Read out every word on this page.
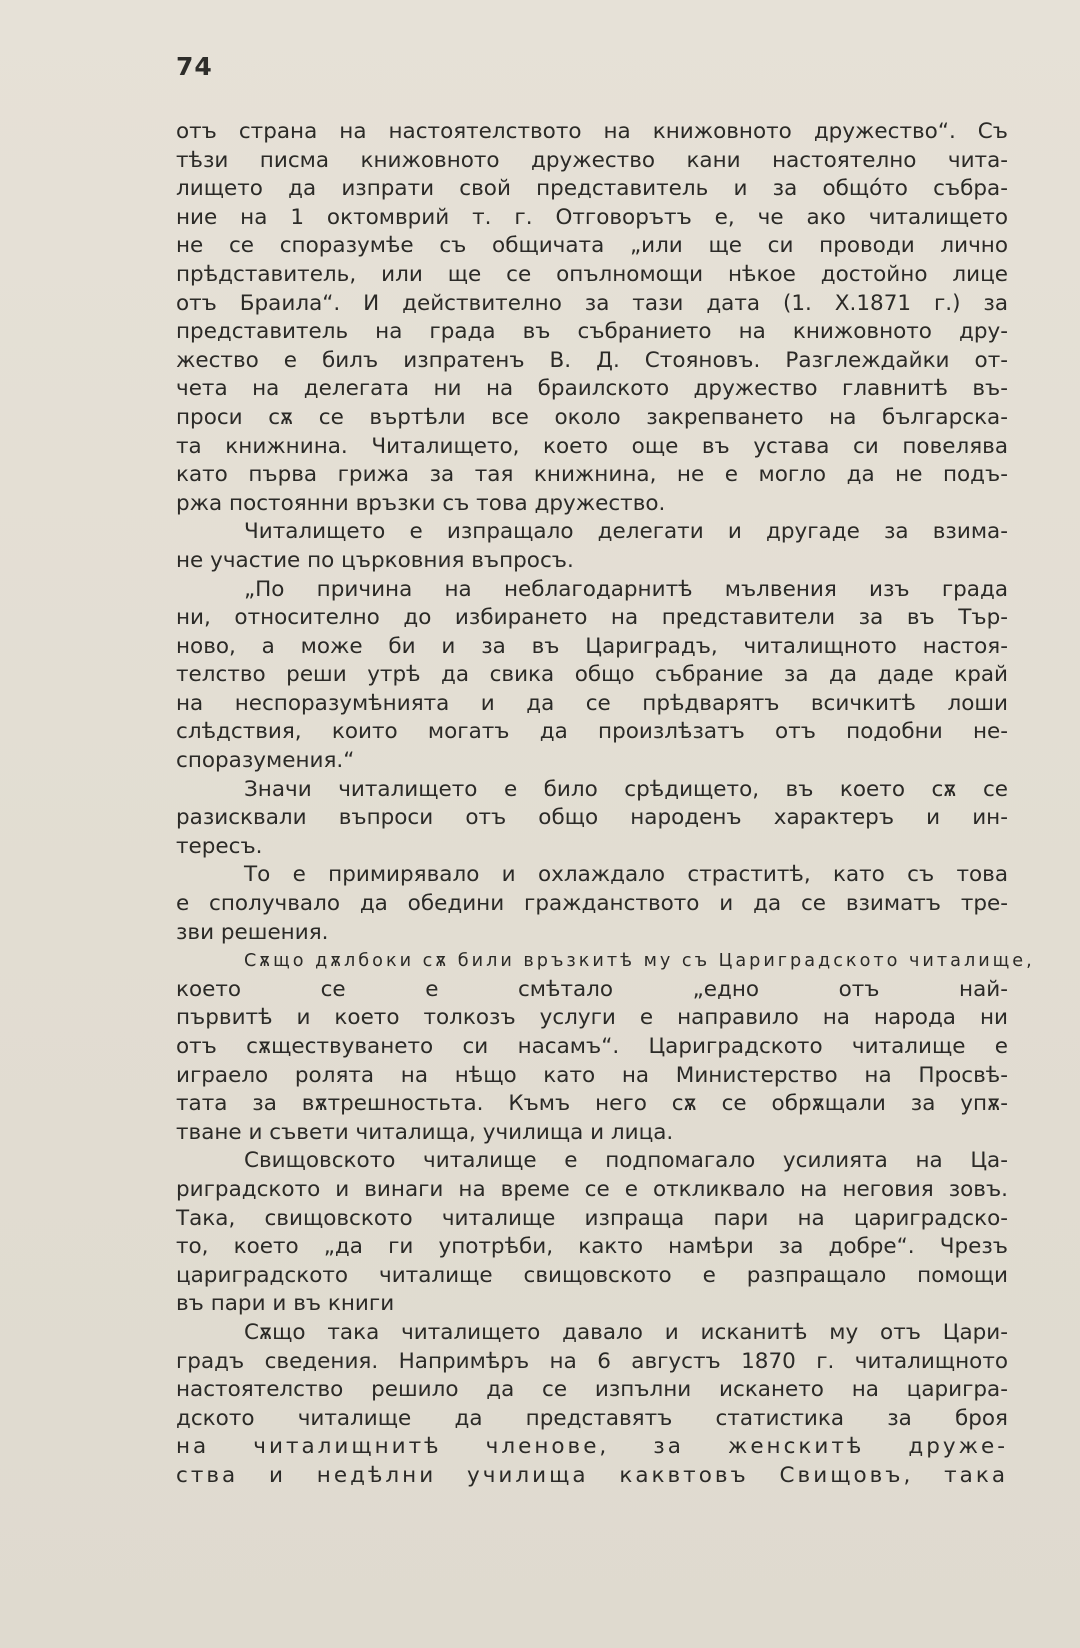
74
отъ страна на настоятелството на книжовното дружество“. Съ
тѣзи писма книжовното дружество кани настоятелно чита-
лището да изпрати свой представитель и за общóто събра-
ние на 1 октомврий т. г. Отговорътъ е, че ако читалището
не се споразумѣе съ общичата „или ще си проводи лично
прѣдставитель, или ще се опълномощи нѣкое достойно лице
отъ Браила“. И действително за тази дата (1. X.1871 г.) за
представитель на града въ събранието на книжовното дру-
жество е билъ изпратенъ В. Д. Стояновъ. Разглеждайки от-
чета на делегата ни на браилското дружество главнитѣ въ-
проси сѫ се въртѣли все около закрепването на българска-
та книжнина. Читалището, което още въ устава си повелява
като първа грижа за тая книжнина, не е могло да не подъ-
ржа постоянни връзки съ това дружество.
Читалището е изпращало делегати и другаде за взима-
не участие по църковния въпросъ.
„По причина на неблагодарнитѣ мълвения изъ града
ни, относително до избирането на представители за въ Тър-
ново, а може би и за въ Цариградъ, читалищното настоя-
телство реши утрѣ да свика общо събрание за да даде край
на неспоразумѣнията и да се прѣдварятъ всичкитѣ лоши
слѣдствия, които могатъ да произлѣзатъ отъ подобни не-
споразумения.“
Значи читалището е било срѣдището, въ което сѫ се
разисквали въпроси отъ общо народенъ характеръ и ин-
тересъ.
То е примирявало и охлаждало страститѣ, като съ това
е сполучвало да обедини гражданството и да се взиматъ тре-
зви решения.
Сѫщо дѫлбоки сѫ били връзкитѣ му съ Цариградското читалище,
което се е смѣтало „едно отъ най-
първитѣ и което толкозъ услуги е направило на народа ни
отъ сѫществуването си насамъ“. Цариградското читалище е
играело ролята на нѣщо като на Министерство на Просвѣ-
тата за вѫтрешностьта. Къмъ него сѫ се обрѫщали за упѫ-
тване и съвети читалища, училища и лица.
Свищовското читалище е подпомагало усилията на Ца-
риградското и винаги на време се е откликвало на неговия зовъ.
Така, свищовското читалище изпраща пари на цариградско-
то, което „да ги употрѣби, както намѣри за добре“. Чрезъ
цариградското читалище свищовското е разпращало помощи
въ пари и въ книги
Сѫщо така читалището давало и исканитѣ му отъ Цари-
градъ сведения. Напримѣръ на 6 августъ 1870 г. читалищното
настоятелство решило да се изпълни искането на царигра-
дското читалище да представятъ статистика за броя
на читалищнитѣ членове, за женскитѣ друже-
ства и недѣлни училища каквтовъ Свищовъ, така
